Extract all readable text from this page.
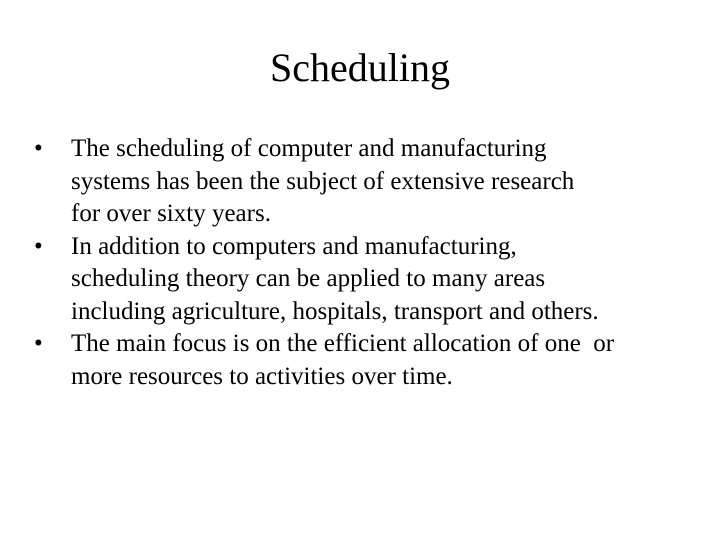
Scheduling
•	The scheduling of computer and manufacturing
systems has been the subject of extensive research
for over sixty years.
•	In addition to computers and manufacturing,
scheduling theory can be applied to many areas
including agriculture, hospitals, transport and others.
•	The main focus is on the efficient allocation of one  or
more resources to activities over time.
